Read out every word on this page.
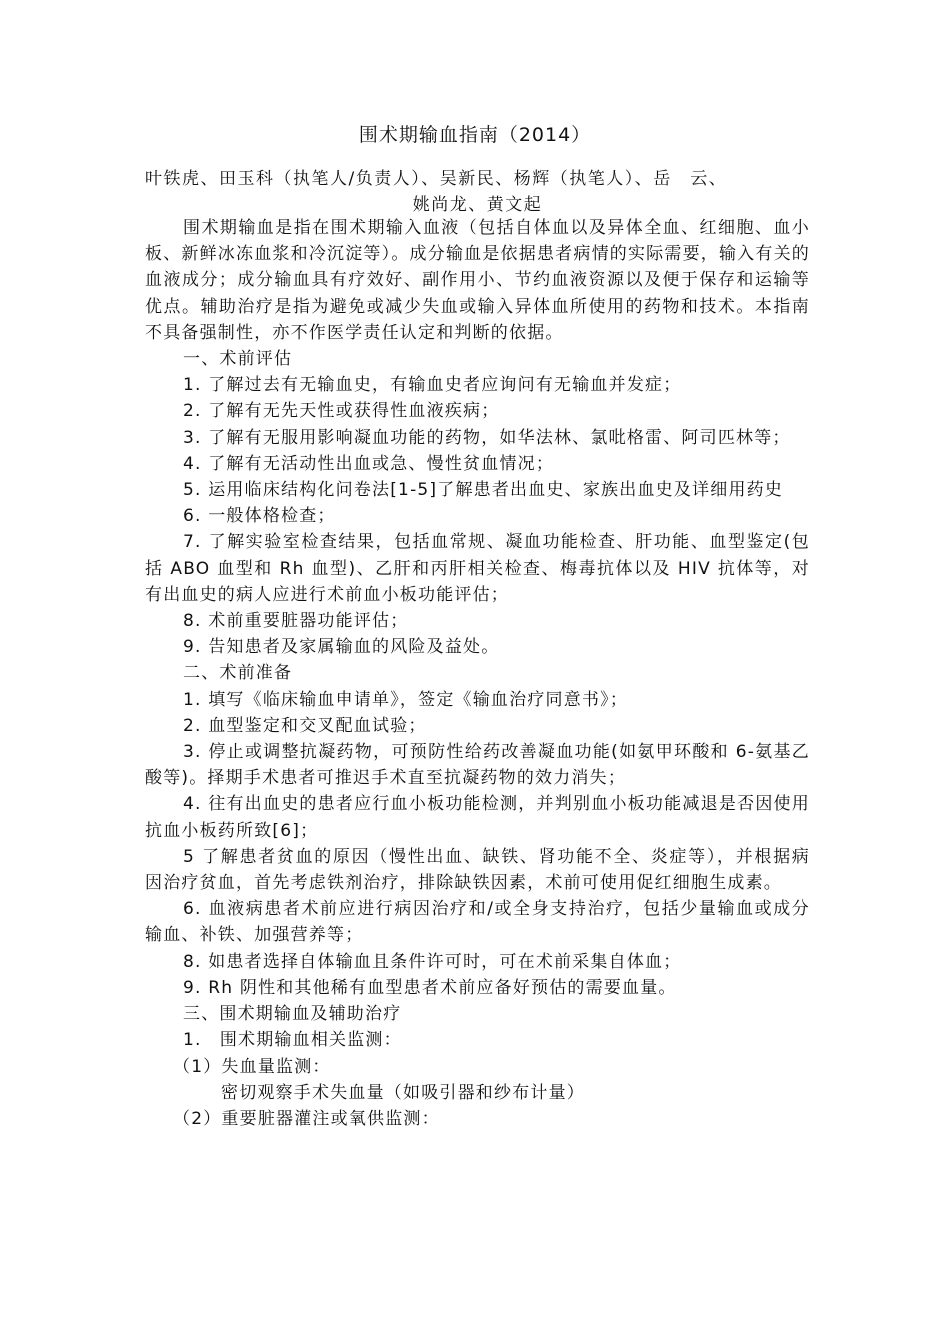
围术期输血指南（2014）
叶铁虎、田玉科（执笔人/负责人）、吴新民、杨辉（执笔人）、岳　云、
姚尚龙、黄文起

围术期输血是指在围术期输入血液（包括自体血以及异体全血、红细胞、血小板、新鲜冰冻血浆和冷沉淀等）。成分输血是依据患者病情的实际需要，输入有关的血液成分；成分输血具有疗效好、副作用小、节约血液资源以及便于保存和运输等优点。辅助治疗是指为避免或减少失血或输入异体血所使用的药物和技术。本指南不具备强制性，亦不作医学责任认定和判断的依据。

一、术前评估

1. 了解过去有无输血史，有输血史者应询问有无输血并发症；

2. 了解有无先天性或获得性血液疾病；

3. 了解有无服用影响凝血功能的药物，如华法林、氯吡格雷、阿司匹林等；

4. 了解有无活动性出血或急、慢性贫血情况；

5. 运用临床结构化问卷法[1-5]了解患者出血史、家族出血史及详细用药史

6. 一般体格检查；

7. 了解实验室检查结果，包括血常规、凝血功能检查、肝功能、血型鉴定(包括 ABO 血型和 Rh 血型)、乙肝和丙肝相关检查、梅毒抗体以及 HIV 抗体等，对有出血史的病人应进行术前血小板功能评估；

8. 术前重要脏器功能评估；

9. 告知患者及家属输血的风险及益处。

二、术前准备

1. 填写《临床输血申请单》，签定《输血治疗同意书》；

2. 血型鉴定和交叉配血试验；

3. 停止或调整抗凝药物，可预防性给药改善凝血功能(如氨甲环酸和 6-氨基乙酸等)。择期手术患者可推迟手术直至抗凝药物的效力消失；

4. 往有出血史的患者应行血小板功能检测，并判别血小板功能减退是否因使用抗血小板药所致[6]；

5 了解患者贫血的原因（慢性出血、缺铁、肾功能不全、炎症等），并根据病因治疗贫血，首先考虑铁剂治疗，排除缺铁因素，术前可使用促红细胞生成素。

6. 血液病患者术前应进行病因治疗和/或全身支持治疗，包括少量输血或成分输血、补铁、加强营养等；

8. 如患者选择自体输血且条件许可时，可在术前采集自体血；

9. Rh 阴性和其他稀有血型患者术前应备好预估的需要血量。

三、围术期输血及辅助治疗

1.　围术期输血相关监测：

（1）失血量监测：

密切观察手术失血量（如吸引器和纱布计量）

（2）重要脏器灌注或氧供监测：
